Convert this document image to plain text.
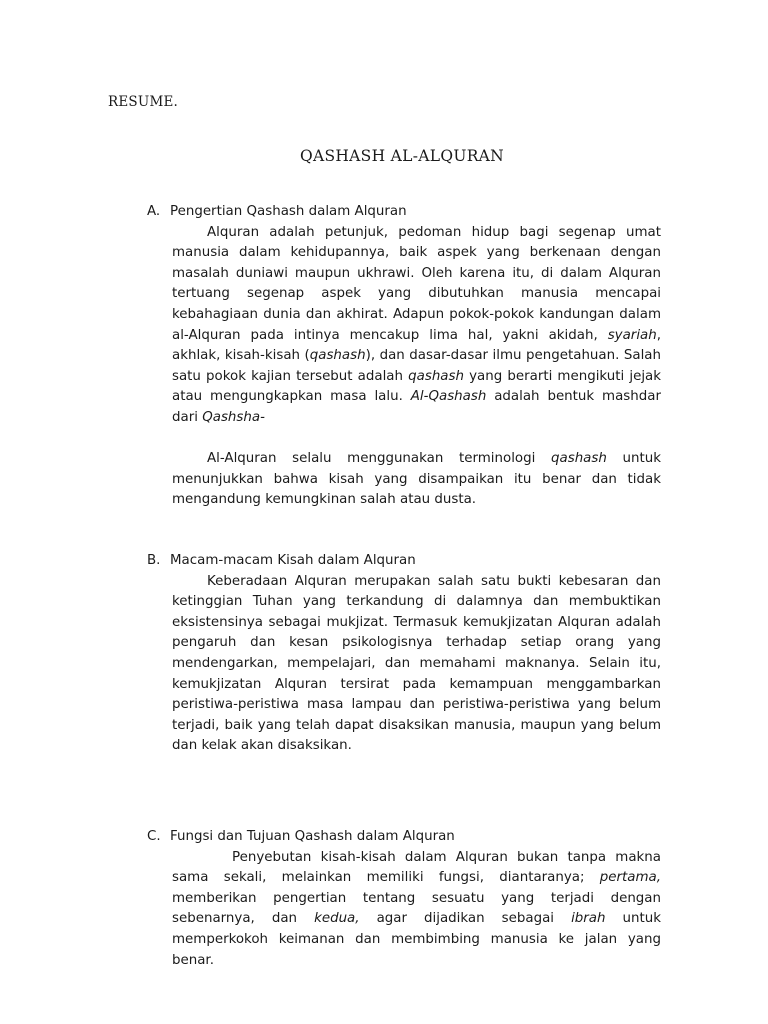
RESUME.
QASHASH AL-ALQURAN
A. Pengertian Qashash dalam Alquran

Alquran adalah petunjuk, pedoman hidup bagi segenap umat manusia dalam kehidupannya, baik aspek yang berkenaan dengan masalah duniawi maupun ukhrawi. Oleh karena itu, di dalam Alquran tertuang segenap aspek yang dibutuhkan manusia mencapai kebahagiaan dunia dan akhirat. Adapun pokok-pokok kandungan dalam al-Alquran pada intinya mencakup lima hal, yakni akidah, syariah, akhlak, kisah-kisah (qashash), dan dasar-dasar ilmu pengetahuan. Salah satu pokok kajian tersebut adalah qashash yang berarti mengikuti jejak atau mengungkapkan masa lalu. Al-Qashash adalah bentuk mashdar dari Qashsha-

Al-Alquran selalu menggunakan terminologi qashash untuk menunjukkan bahwa kisah yang disampaikan itu benar dan tidak mengandung kemungkinan salah atau dusta.

B. Macam-macam Kisah dalam Alquran

Keberadaan Alquran merupakan salah satu bukti kebesaran dan ketinggian Tuhan yang terkandung di dalamnya dan membuktikan eksistensinya sebagai mukjizat. Termasuk kemukjizatan Alquran adalah pengaruh dan kesan psikologisnya terhadap setiap orang yang mendengarkan, mempelajari, dan memahami maknanya. Selain itu, kemukjizatan Alquran tersirat pada kemampuan menggambarkan peristiwa-peristiwa masa lampau dan peristiwa-peristiwa yang belum terjadi, baik yang telah dapat disaksikan manusia, maupun yang belum dan kelak akan disaksikan.

C. Fungsi dan Tujuan Qashash dalam Alquran

Penyebutan kisah-kisah dalam Alquran bukan tanpa makna sama sekali, melainkan memiliki fungsi, diantaranya; pertama, memberikan pengertian tentang sesuatu yang terjadi dengan sebenarnya, dan kedua, agar dijadikan sebagai ibrah untuk memperkokoh keimanan dan membimbing manusia ke jalan yang benar.
